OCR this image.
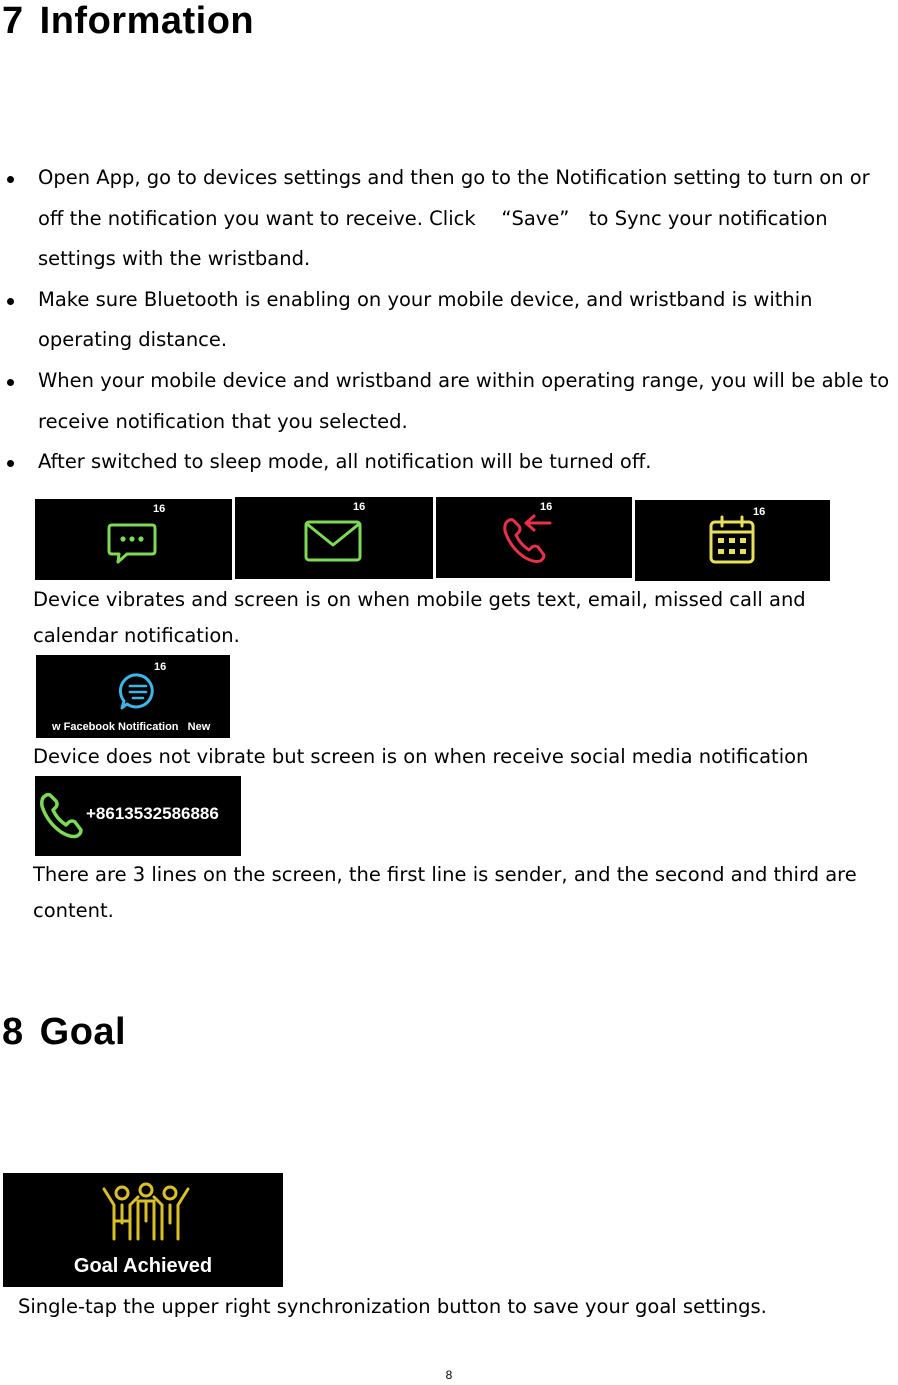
7 Information
Open App, go to devices settings and then go to the Notification setting to turn on or off the notification you want to receive. Click 　“Save”　to Sync your notification settings with the wristband.
Make sure Bluetooth is enabling on your mobile device, and wristband is within operating distance.
When your mobile device and wristband are within operating range, you will be able to receive notification that you selected.
After switched to sleep mode, all notification will be turned off.
16	16	16	16
Device vibrates and screen is on when mobile gets text, email, missed call and calendar notification.
16
w Facebook Notification   New
Device does not vibrate but screen is on when receive social media notification
+8613532586886
There are 3 lines on the screen, the first line is sender, and the second and third are content.
8 Goal
Goal Achieved
Single-tap the upper right synchronization button to save your goal settings.
8
